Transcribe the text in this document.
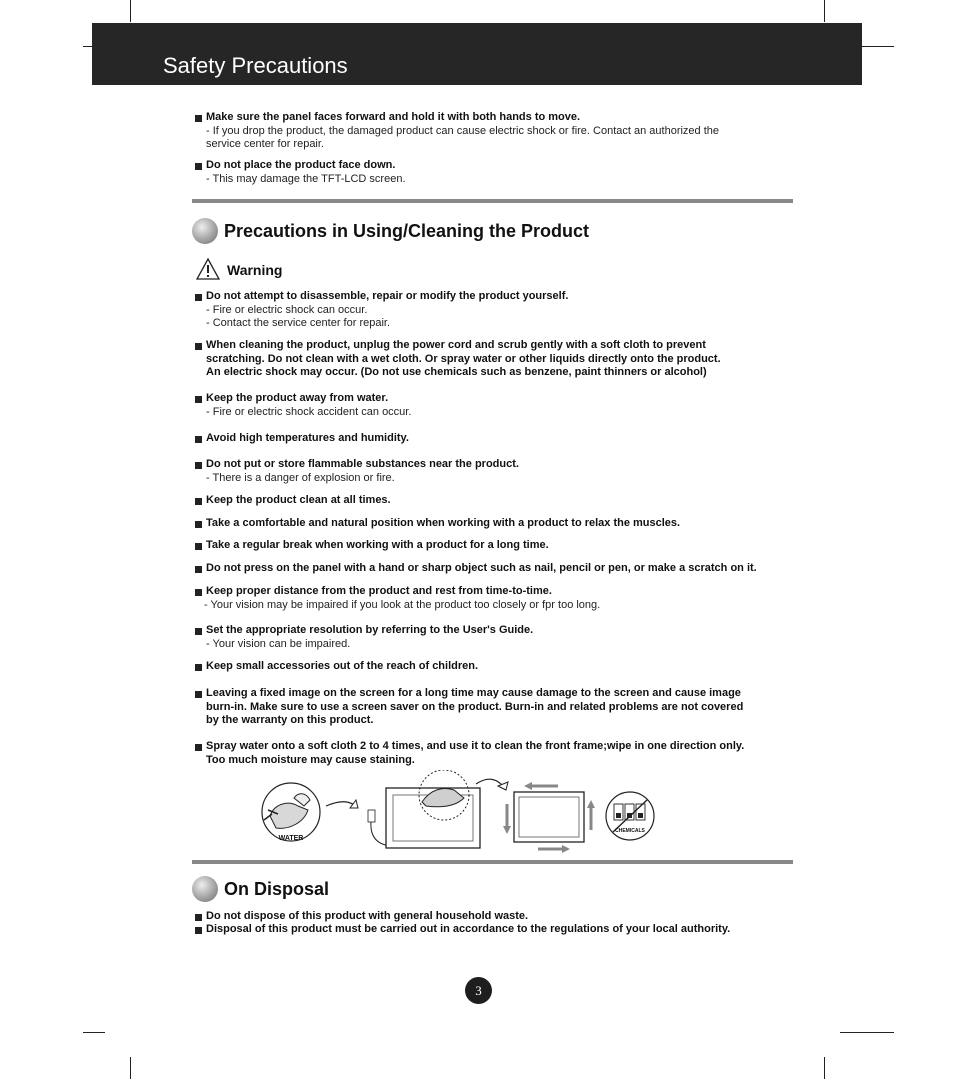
Safety Precautions
Make sure the panel faces forward and hold it with both hands to move.
- If you drop the product, the damaged product can cause electric shock or fire. Contact an authorized the
service center for repair.
Do not place the product face down.
- This may damage the TFT-LCD screen.
Precautions in Using/Cleaning the Product
Warning
Do not attempt to disassemble, repair or modify the product yourself.
- Fire or electric shock can occur.
- Contact the service center for repair.
When cleaning the product, unplug the power cord and scrub gently with a soft cloth to prevent
scratching. Do not clean with a wet cloth. Or spray water or other liquids directly onto the product.
An electric shock may occur. (Do not use chemicals such as benzene, paint thinners or alcohol)
Keep the product away from water.
- Fire or electric shock accident can occur.
Avoid high temperatures and humidity.
Do not put or store flammable substances near the product.
- There is a danger of explosion or fire.
Keep the product clean at all times.
Take a comfortable and natural position when working with a product to relax the muscles.
Take a regular break when working with a product for a long time.
Do not press on the panel with a hand or sharp object such as nail, pencil or pen, or make a scratch on it.
Keep proper distance from the product and rest from time-to-time.
- Your vision may be impaired if you look at the product too closely or fpr too long.
Set the appropriate resolution by referring to the User's Guide.
- Your vision can be impaired.
Keep small accessories out of the reach of children.
Leaving a fixed image on the screen for a long time may cause damage to the screen and cause image
burn-in. Make sure to use a screen saver on the product. Burn-in and related problems are not covered
by the warranty on this product.
Spray water onto a soft cloth 2 to 4 times, and use it to clean the front frame;wipe in one direction only.
Too much moisture may cause staining.
WATER
CHEMICALS
On Disposal
Do not dispose of this product with general household waste.
Disposal of this product must be carried out in accordance to the regulations of your local authority.
3
